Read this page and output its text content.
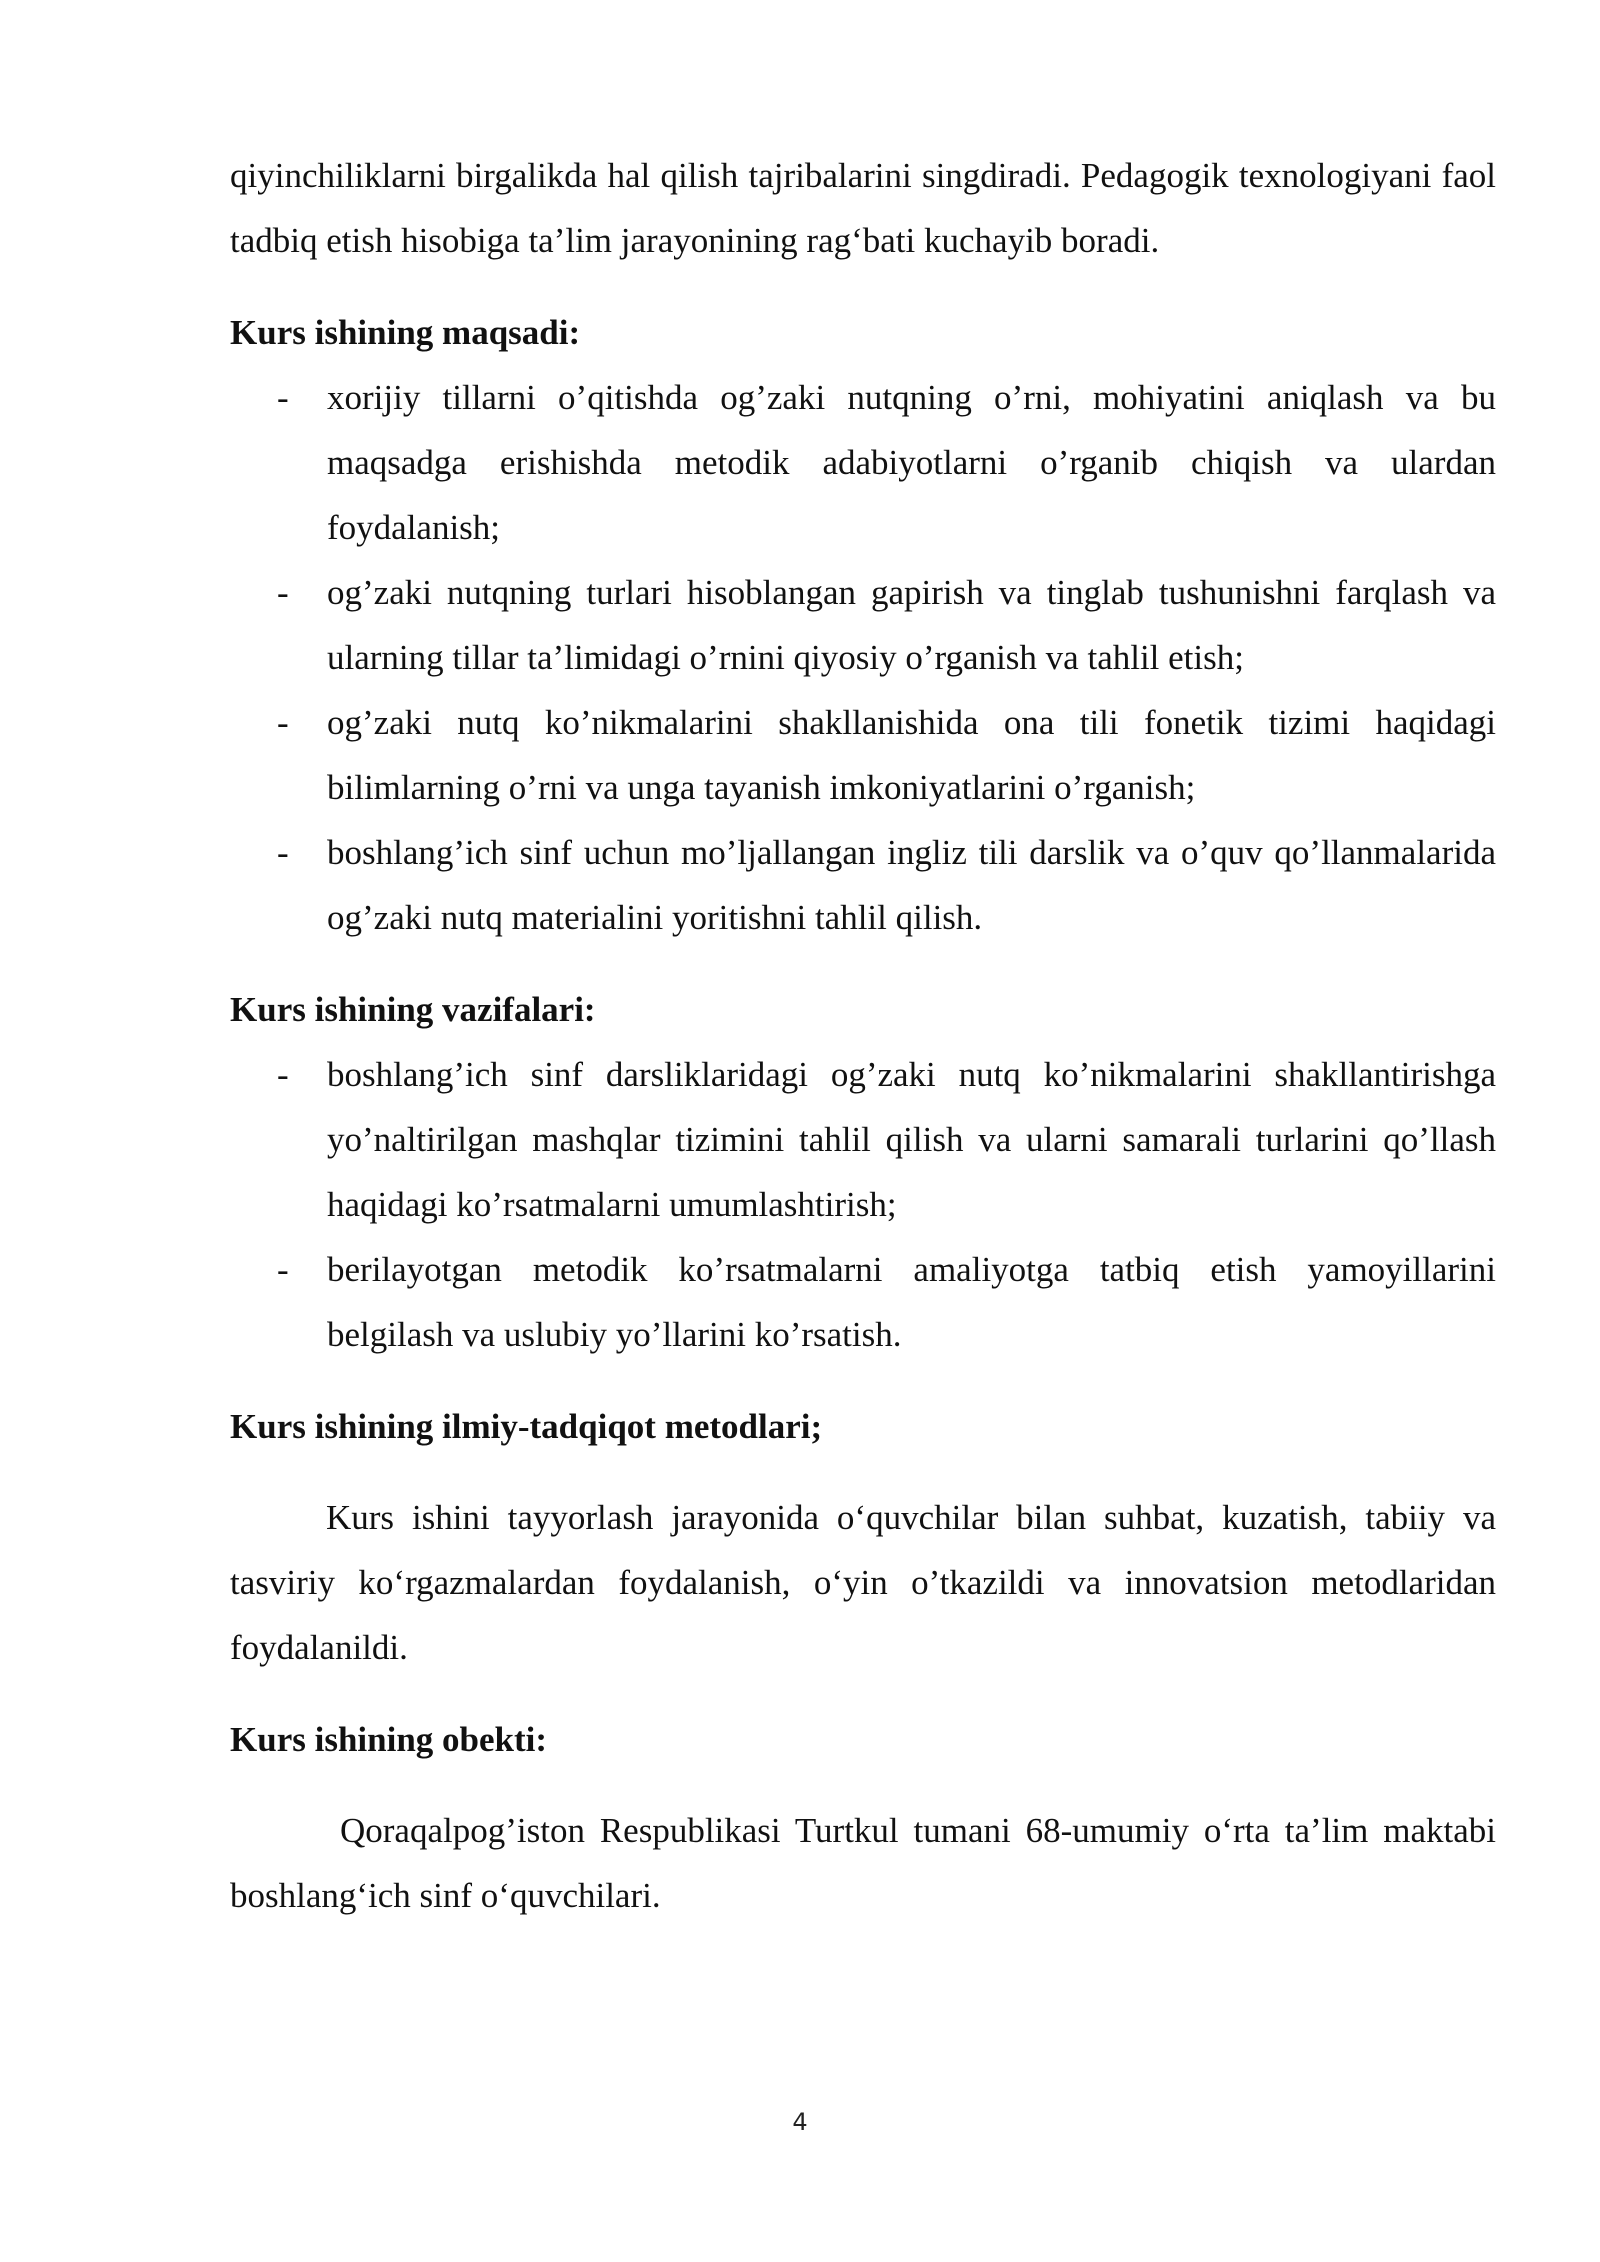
qiyinchiliklarni birgalikda hal qilish tajribalarini singdiradi. Pedagogik texnologiyani faol tadbiq etish hisobiga ta’lim jarayonining rag‘bati kuchayib boradi.

Kurs ishining maqsadi:

- xorijiy tillarni o’qitishda og’zaki nutqning o’rni, mohiyatini aniqlash va bu maqsadga erishishda metodik adabiyotlarni o’rganib chiqish va ulardan foydalanish;
- og’zaki nutqning turlari hisoblangan gapirish va tinglab tushunishni farqlash va ularning tillar ta’limidagi o’rnini qiyosiy o’rganish va tahlil etish;
- og’zaki nutq ko’nikmalarini shakllanishida ona tili fonetik tizimi haqidagi bilimlarning o’rni va unga tayanish imkoniyatlarini o’rganish;
- boshlang’ich sinf uchun mo’ljallangan ingliz tili darslik va o’quv qo’llanmalarida og’zaki nutq materialini yoritishni tahlil qilish.

Kurs ishining vazifalari:

- boshlang’ich sinf darsliklaridagi og’zaki nutq ko’nikmalarini shakllantirishga yo’naltirilgan mashqlar tizimini tahlil qilish va ularni samarali turlarini qo’llash haqidagi ko’rsatmalarni umumlashtirish;
- berilayotgan metodik ko’rsatmalarni amaliyotga tatbiq etish yamoyillarini belgilash va uslubiy yo’llarini ko’rsatish.

Kurs ishining ilmiy-tadqiqot metodlari;

Kurs ishini tayyorlash jarayonida o‘quvchilar bilan suhbat, kuzatish, tabiiy va tasviriy ko‘rgazmalardan foydalanish, o‘yin o’tkazildi va innovatsion metodlaridan foydalanildi.

Kurs ishining obekti:

Qoraqalpog’iston Respublikasi Turtkul tumani 68-umumiy o‘rta ta’lim maktabi boshlang‘ich sinf o‘quvchilari.

4
